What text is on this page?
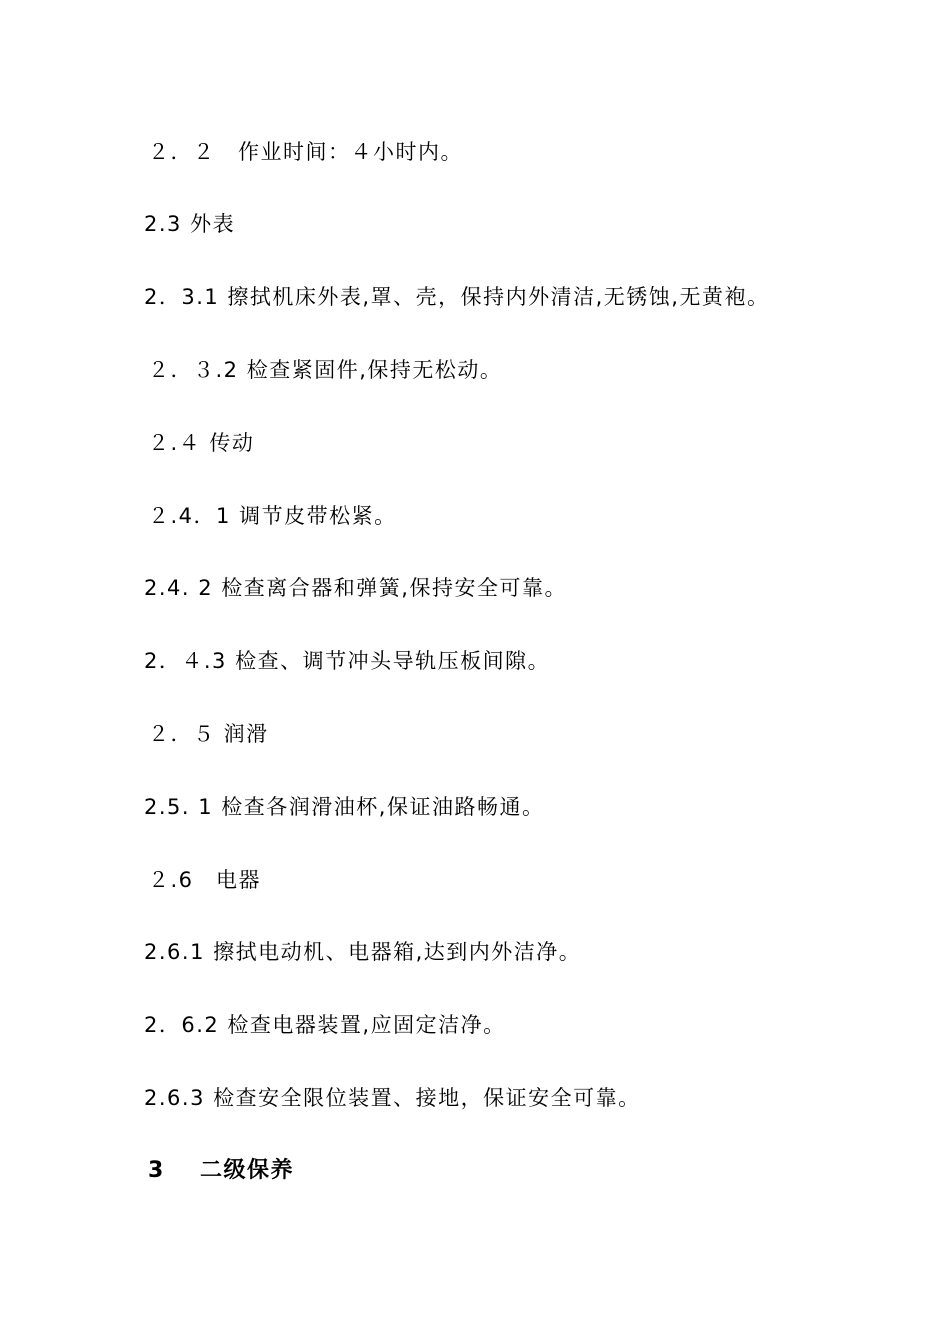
２．２　作业时间：４小时内。
2.3 外表
2．3.1 擦拭机床外表,罩、壳，保持内外清洁,无锈蚀,无黄袍。
２．３.2 检查紧固件,保持无松动。
２.４ 传动
２.4．1 调节皮带松紧。
2.4. 2 检查离合器和弹簧,保持安全可靠。
2．４.3 检查、调节冲头导轨压板间隙。
２．５ 润滑
2.5. 1 检查各润滑油杯,保证油路畅通。
２.6　电器
2.6.1 擦拭电动机、电器箱,达到内外洁净。
2．6.2 检查电器装置,应固定洁净。
2.6.3 检查安全限位装置、接地，保证安全可靠。
3 二级保养
